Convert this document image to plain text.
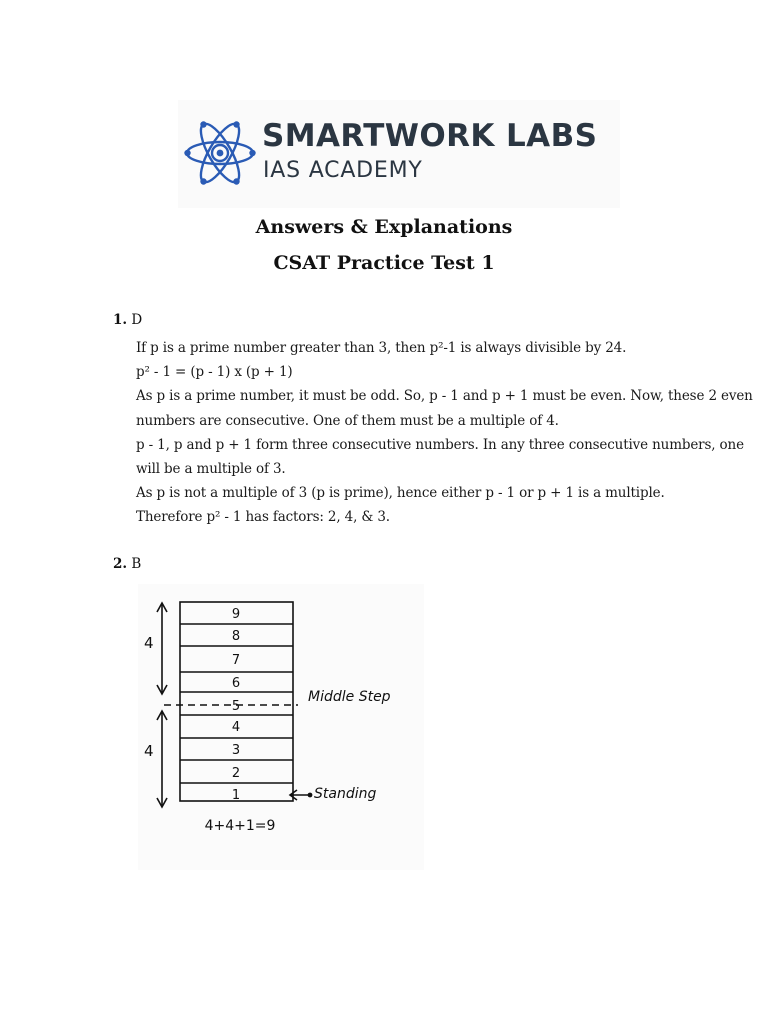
SMARTWORK LABS
IAS ACADEMY
Answers & Explanations
CSAT Practice Test 1
1. D
If p is a prime number greater than 3, then p²-1 is always divisible by 24.
p² - 1 = (p - 1) x (p + 1)
As p is a prime number, it must be odd. So, p - 1 and p + 1 must be even. Now, these 2 even
numbers are consecutive. One of them must be a multiple of 4.
p - 1, p and p + 1 form three consecutive numbers. In any three consecutive numbers, one
will be a multiple of 3.
As p is not a multiple of 3 (p is prime), hence either p - 1 or p + 1 is a multiple.
Therefore p² - 1 has factors: 2, 4, & 3.
2. B
9
8
7
6
5
4
3
2
1
4
4
Middle Step
Standing
4+4+1=9
